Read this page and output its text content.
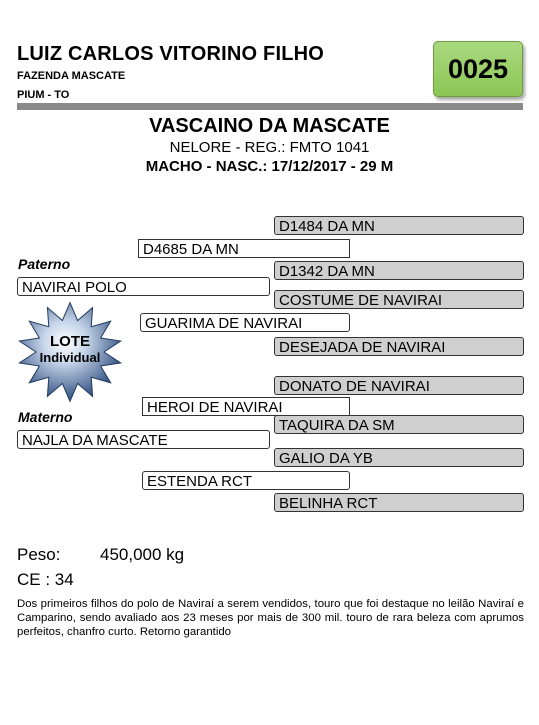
LUIZ CARLOS VITORINO FILHO
FAZENDA MASCATE
PIUM - TO
0025
VASCAINO DA MASCATE
NELORE - REG.: FMTO 1041
MACHO - NASC.: 17/12/2017 - 29 M
D1484 DA MN
D4685 DA MN
Paterno	D1342 DA MN
NAVIRAI POLO
COSTUME DE NAVIRAI
GUARIMA DE NAVIRAI
DESEJADA DE NAVIRAI
LOTE
Individual
DONATO DE NAVIRAI
HEROI DE NAVIRAI
Materno	TAQUIRA DA SM
NAJLA DA MASCATE
GALIO DA YB
ESTENDA RCT
BELINHA RCT
Peso: 450,000 kg
CE : 34
Dos primeiros filhos do polo de Naviraí a serem vendidos, touro que foi destaque no leilão Naviraí e Camparino, sendo avaliado aos 23 meses por mais de 300 mil. touro de rara beleza com aprumos perfeitos, chanfro curto. Retorno garantido
